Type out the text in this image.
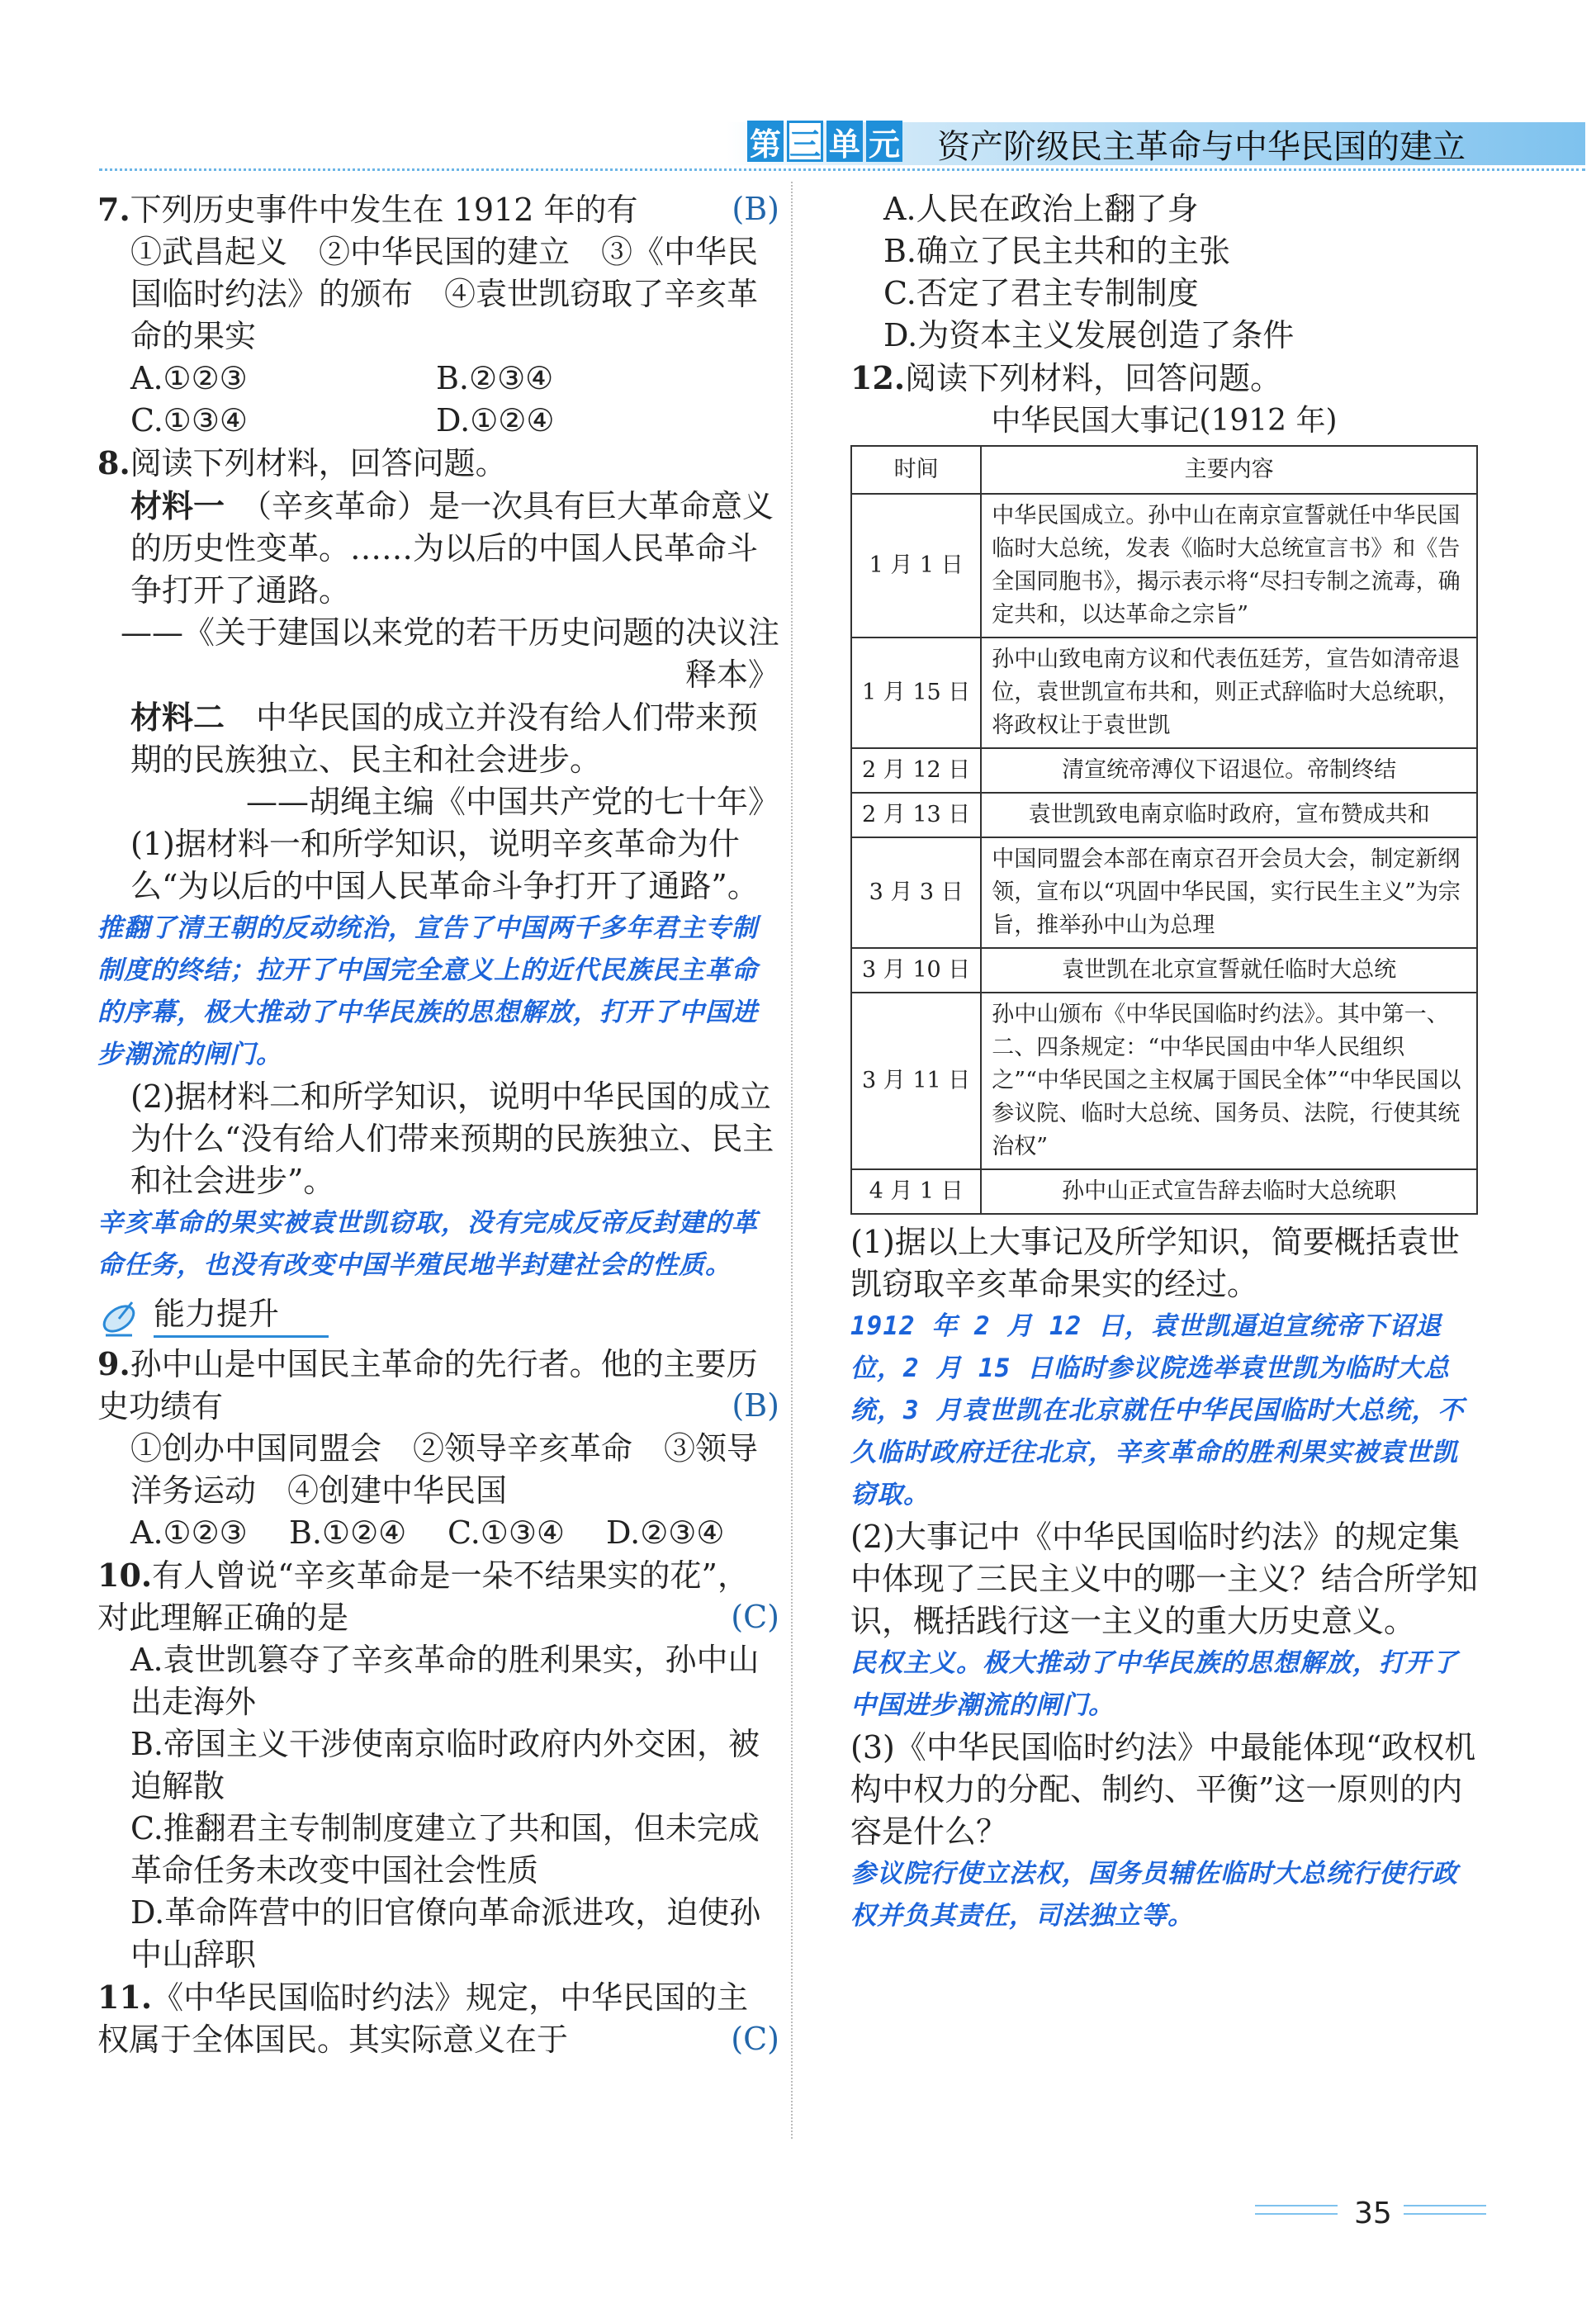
第 三 单 元 资产阶级民主革命与中华民国的建立

7.下列历史事件中发生在 1912 年的有	(B)

①武昌起义　②中华民国的建立　③《中华民国临时约法》的颁布　④袁世凯窃取了辛亥革命的果实

A.①②③	B.②③④
C.①③④	D.①②④

8.阅读下列材料，回答问题。

材料一　 （辛亥革命）是一次具有巨大革命意义的历史性变革。……为以后的中国人民革命斗争打开了通路。

——《关于建国以来党的若干历史问题的决议注释本》

材料二　 中华民国的成立并没有给人们带来预期的民族独立、民主和社会进步。

——胡绳主编《中国共产党的七十年》

(1)据材料一和所学知识，说明辛亥革命为什么“为以后的中国人民革命斗争打开了通路”。

推翻了清王朝的反动统治，宣告了中国两千多年君主专制制度的终结；拉开了中国完全意义上的近代民族民主革命的序幕，极大推动了中华民族的思想解放，打开了中国进步潮流的闸门。

(2)据材料二和所学知识，说明中华民国的成立为什么“没有给人们带来预期的民族独立、民主和社会进步”。

辛亥革命的果实被袁世凯窃取，没有完成反帝反封建的革命任务，也没有改变中国半殖民地半封建社会的性质。

能力提升

9.孙中山是中国民主革命的先行者。他的主要历史功绩有	(B)

①创办中国同盟会　②领导辛亥革命　③领导洋务运动　④创建中华民国

A.①②③	B.①②④	C.①③④	D.②③④

10.有人曾说“辛亥革命是一朵不结果实的花”，对此理解正确的是	(C)

A.袁世凯篡夺了辛亥革命的胜利果实，孙中山出走海外

B.帝国主义干涉使南京临时政府内外交困，被迫解散

C.推翻君主专制制度建立了共和国，但未完成革命任务未改变中国社会性质

D.革命阵营中的旧官僚向革命派进攻，迫使孙中山辞职

11.《中华民国临时约法》规定，中华民国的主权属于全体国民。其实际意义在于	(C)

A.人民在政治上翻了身

B.确立了民主共和的主张

C.否定了君主专制制度

D.为资本主义发展创造了条件

12.阅读下列材料，回答问题。

中华民国大事记(1912 年)

时间	主要内容
1 月 1 日	中华民国成立。孙中山在南京宣誓就任中华民国临时大总统，发表《临时大总统宣言书》和《告全国同胞书》，揭示表示将“尽扫专制之流毒，确定共和，以达革命之宗旨”
1 月 15 日	孙中山致电南方议和代表伍廷芳，宣告如清帝退位，袁世凯宣布共和，则正式辞临时大总统职，将政权让于袁世凯
2 月 12 日	清宣统帝溥仪下诏退位。帝制终结
2 月 13 日	袁世凯致电南京临时政府，宣布赞成共和
3 月 3 日	中国同盟会本部在南京召开会员大会，制定新纲领，宣布以“巩固中华民国，实行民生主义”为宗旨，推举孙中山为总理
3 月 10 日	袁世凯在北京宣誓就任临时大总统
3 月 11 日	孙中山颁布《中华民国临时约法》。其中第一、二、四条规定：“中华民国由中华人民组织之”“中华民国之主权属于国民全体”“中华民国以参议院、临时大总统、国务员、法院，行使其统治权”
4 月 1 日	孙中山正式宣告辞去临时大总统职

(1)据以上大事记及所学知识，简要概括袁世凯窃取辛亥革命果实的经过。

1912 年 2 月 12 日，袁世凯逼迫宣统帝下诏退位，2 月 15 日临时参议院选举袁世凯为临时大总统，3 月袁世凯在北京就任中华民国临时大总统，不久临时政府迁往北京，辛亥革命的胜利果实被袁世凯窃取。

(2)大事记中《中华民国临时约法》的规定集中体现了三民主义中的哪一主义？结合所学知识，概括践行这一主义的重大历史意义。

民权主义。极大推动了中华民族的思想解放，打开了中国进步潮流的闸门。

(3)《中华民国临时约法》中最能体现“政权机构中权力的分配、制约、平衡”这一原则的内容是什么？

参议院行使立法权，国务员辅佐临时大总统行使行政权并负其责任，司法独立等。

35
